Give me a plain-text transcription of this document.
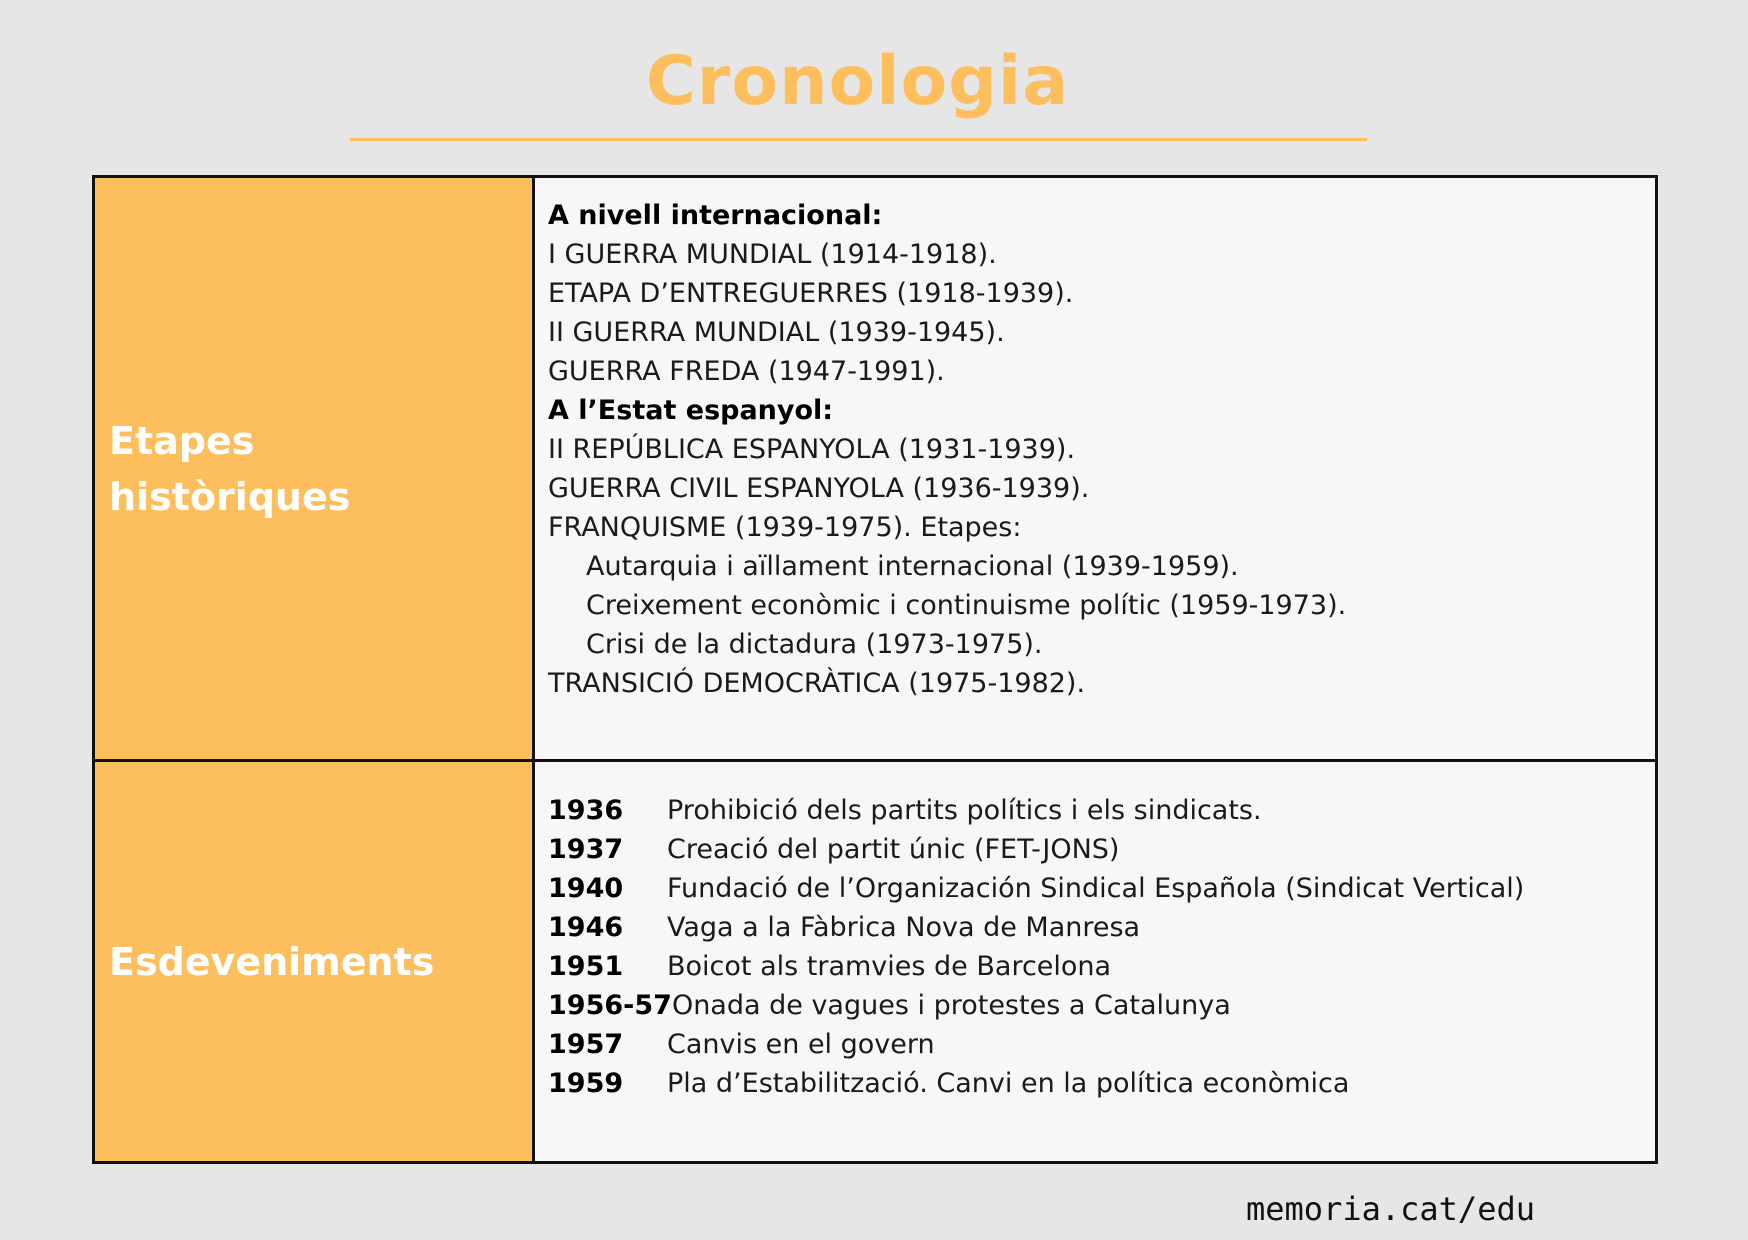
Cronologia
Etapes
històriques
A nivell internacional:
I GUERRA MUNDIAL (1914-1918).
ETAPA D’ENTREGUERRES (1918-1939).
II GUERRA MUNDIAL (1939-1945).
GUERRA FREDA (1947-1991).
A l’Estat espanyol:
II REPÚBLICA ESPANYOLA (1931-1939).
GUERRA CIVIL ESPANYOLA (1936-1939).
FRANQUISME (1939-1975). Etapes:
Autarquia i aïllament internacional (1939-1959).
Creixement econòmic i continuisme polític (1959-1973).
Crisi de la dictadura (1973-1975).
TRANSICIÓ DEMOCRÀTICA (1975-1982).
Esdeveniments
1936	Prohibició dels partits polítics i els sindicats.
1937	Creació del partit únic (FET-JONS)
1940	Fundació de l’Organización Sindical Española (Sindicat Vertical)
1946	Vaga a la Fàbrica Nova de Manresa
1951	Boicot als tramvies de Barcelona
1956-57 Onada de vagues i protestes a Catalunya
1957	Canvis en el govern
1959	Pla d’Estabilització. Canvi en la política econòmica
memoria.cat/edu
